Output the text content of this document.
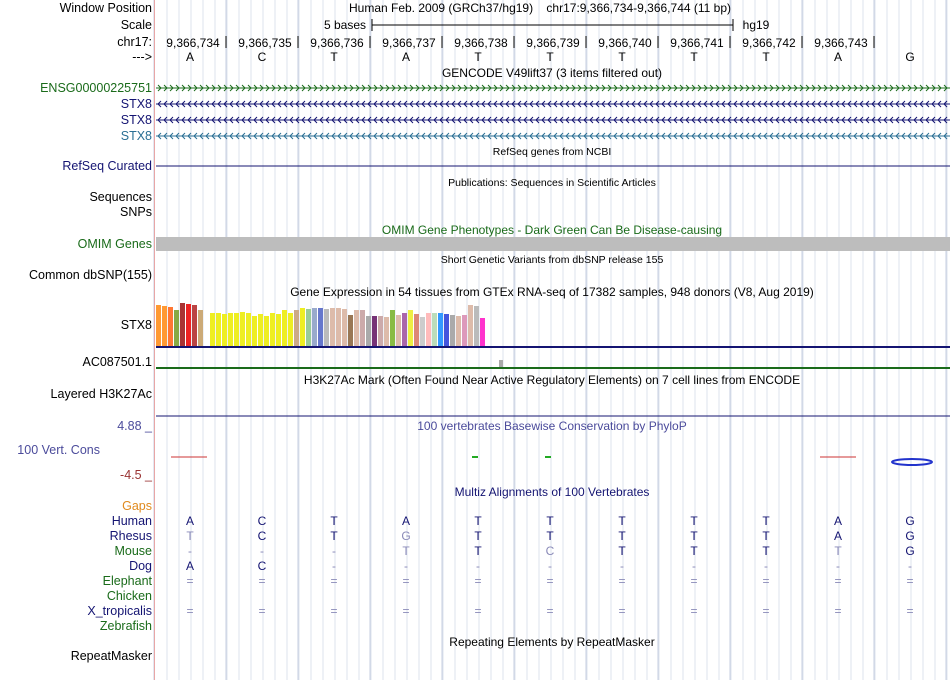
Window Position
Scale
chr17:
--->
Human Feb. 2009 (GRCh37/hg19)    chr17:9,366,734-9,366,744 (11 bp)
5 bases	hg19
9,366,734 9,366,735 9,366,736 9,366,737 9,366,738 9,366,739 9,366,740 9,366,741 9,366,742 9,366,743
A	C	T	A	T	T	T	T	T	A	G
GENCODE V49lift37 (3 items filtered out)
ENSG00000225751
STX8
STX8
STX8
RefSeq genes from NCBI
RefSeq Curated
Publications: Sequences in Scientific Articles
Sequences
SNPs
OMIM Gene Phenotypes - Dark Green Can Be Disease-causing
OMIM Genes
Short Genetic Variants from dbSNP release 155
Common dbSNP(155)
Gene Expression in 54 tissues from GTEx RNA-seq of 17382 samples, 948 donors (V8, Aug 2019)
STX8
AC087501.1
H3K27Ac Mark (Often Found Near Active Regulatory Elements) on 7 cell lines from ENCODE
Layered H3K27Ac
100 vertebrates Basewise Conservation by PhyloP
4.88 _
100 Vert. Cons
-4.5 _
Multiz Alignments of 100 Vertebrates
Gaps
Human	A	C	T	A	T	T	T	T	T	A	G
Rhesus	T	C	T	G	T	T	T	T	T	A	G
Mouse	-	-	-	T	T	C	T	T	T	T	G
Dog	A	C	-	-	-	-	-	-	-	-	-
Elephant	=	=	=	=	=	=	=	=	=	=	=
Chicken
X_tropicalis	=	=	=	=	=	=	=	=	=	=	=
Zebrafish
Repeating Elements by RepeatMasker
RepeatMasker
